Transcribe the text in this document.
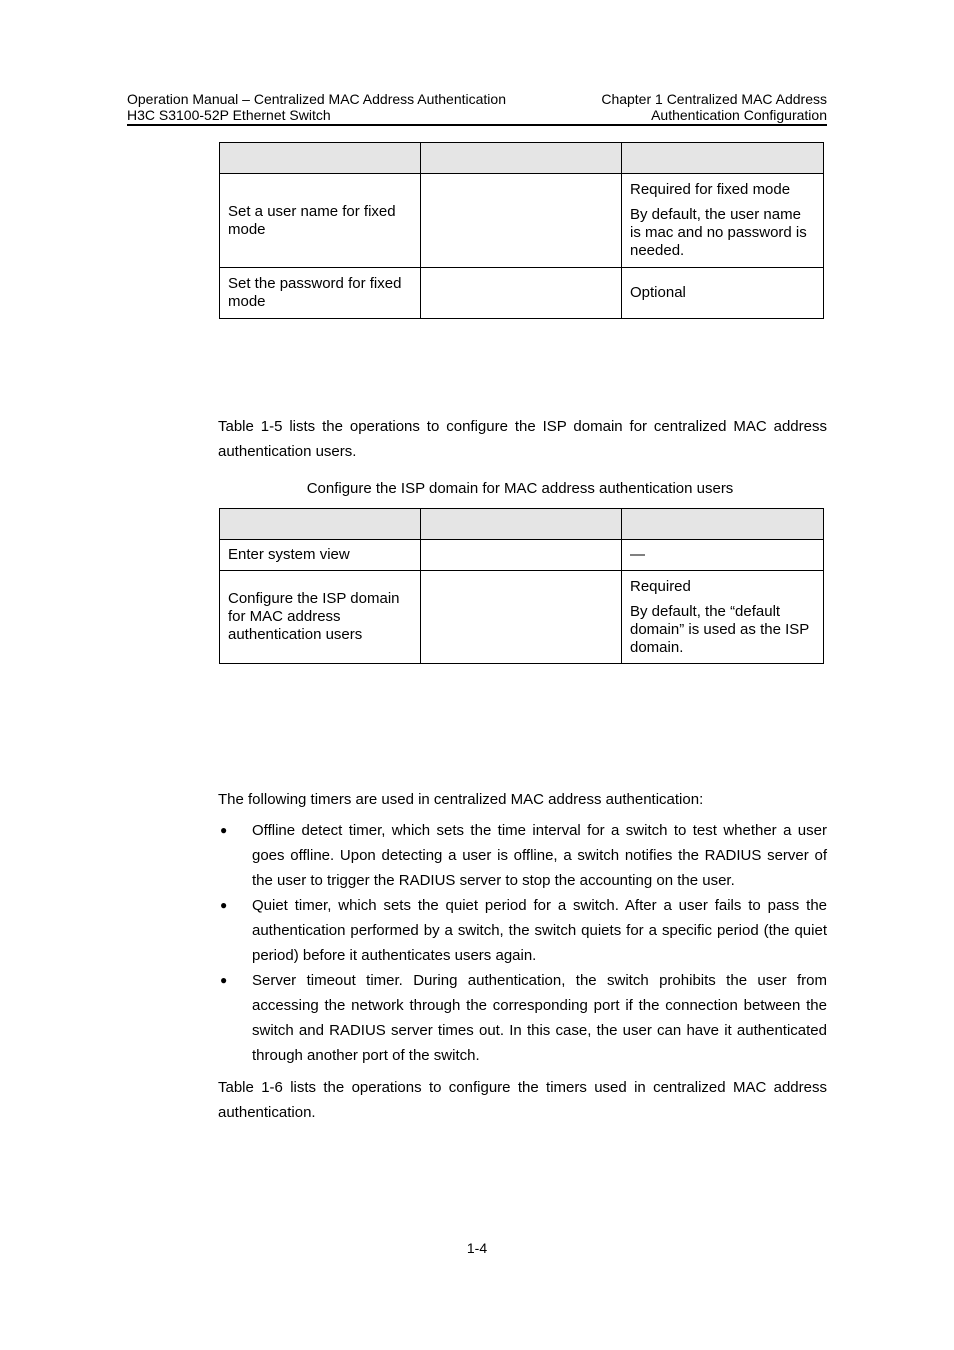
Operation Manual – Centralized MAC Address Authentication
H3C S3100-52P Ethernet Switch
Chapter 1 Centralized MAC Address
Authentication Configuration

Set a user name for fixed mode		Required for fixed mode

By default, the user name is mac and no password is needed.

Set the password for fixed mode		Optional

Table 1-5 lists the operations to configure the ISP domain for centralized MAC address authentication users.

Configure the ISP domain for MAC address authentication users

Enter system view		—

Configure the ISP domain for MAC address authentication users		Required

By default, the “default domain” is used as the ISP domain.

The following timers are used in centralized MAC address authentication:

● Offline detect timer, which sets the time interval for a switch to test whether a user goes offline. Upon detecting a user is offline, a switch notifies the RADIUS server of the user to trigger the RADIUS server to stop the accounting on the user.
● Quiet timer, which sets the quiet period for a switch. After a user fails to pass the authentication performed by a switch, the switch quiets for a specific period (the quiet period) before it authenticates users again.
● Server timeout timer. During authentication, the switch prohibits the user from accessing the network through the corresponding port if the connection between the switch and RADIUS server times out. In this case, the user can have it authenticated through another port of the switch.

Table 1-6 lists the operations to configure the timers used in centralized MAC address authentication.

1-4
